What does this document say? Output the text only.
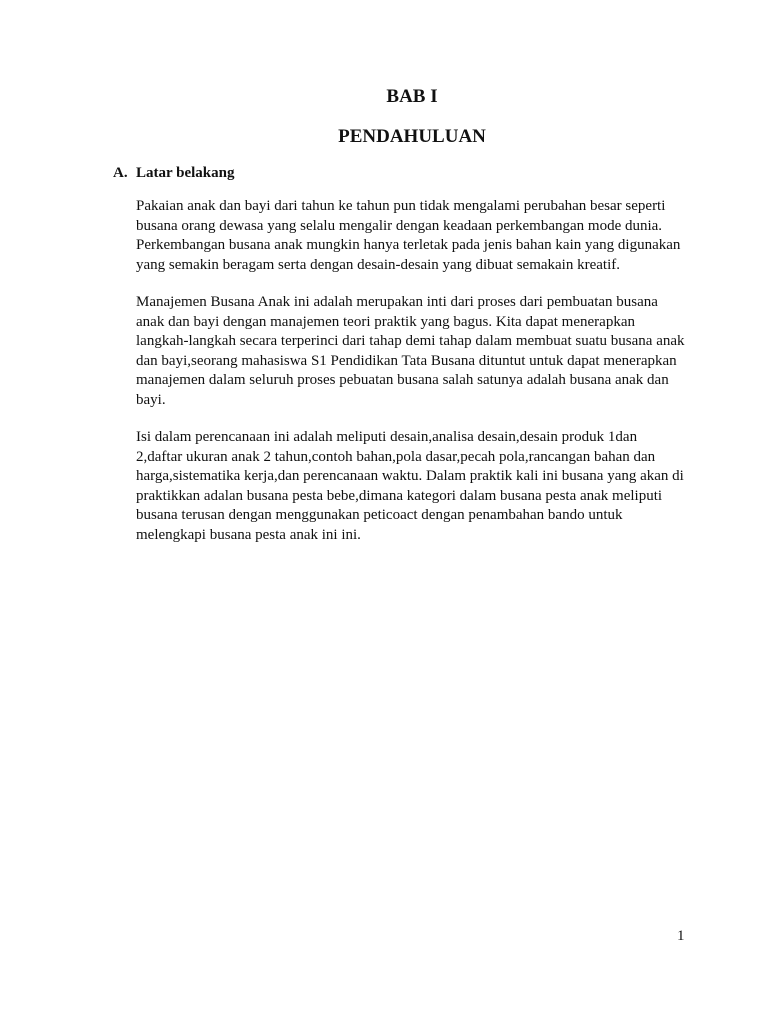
BAB I
PENDAHULUAN
A. Latar belakang
Pakaian anak dan bayi dari tahun ke tahun pun tidak mengalami perubahan besar seperti
busana orang dewasa yang selalu mengalir dengan keadaan perkembangan mode dunia.
Perkembangan busana anak mungkin hanya terletak pada jenis bahan kain yang digunakan
yang semakin beragam serta dengan desain-desain yang dibuat semakain kreatif.
Manajemen Busana Anak ini adalah merupakan inti dari proses dari pembuatan busana
anak dan bayi dengan manajemen teori praktik yang bagus. Kita dapat menerapkan
langkah-langkah secara terperinci dari tahap demi tahap dalam membuat suatu busana anak
dan bayi,seorang mahasiswa S1 Pendidikan Tata Busana dituntut untuk dapat menerapkan
manajemen dalam seluruh proses pebuatan busana salah satunya adalah busana anak dan
bayi.
Isi dalam perencanaan ini adalah meliputi desain,analisa desain,desain produk 1dan
2,daftar ukuran anak 2 tahun,contoh bahan,pola dasar,pecah pola,rancangan bahan dan
harga,sistematika kerja,dan perencanaan waktu. Dalam praktik kali ini busana yang akan di
praktikkan adalan busana pesta bebe,dimana kategori dalam busana pesta anak meliputi
busana terusan dengan menggunakan peticoact dengan penambahan bando untuk
melengkapi busana pesta anak ini ini.
1
